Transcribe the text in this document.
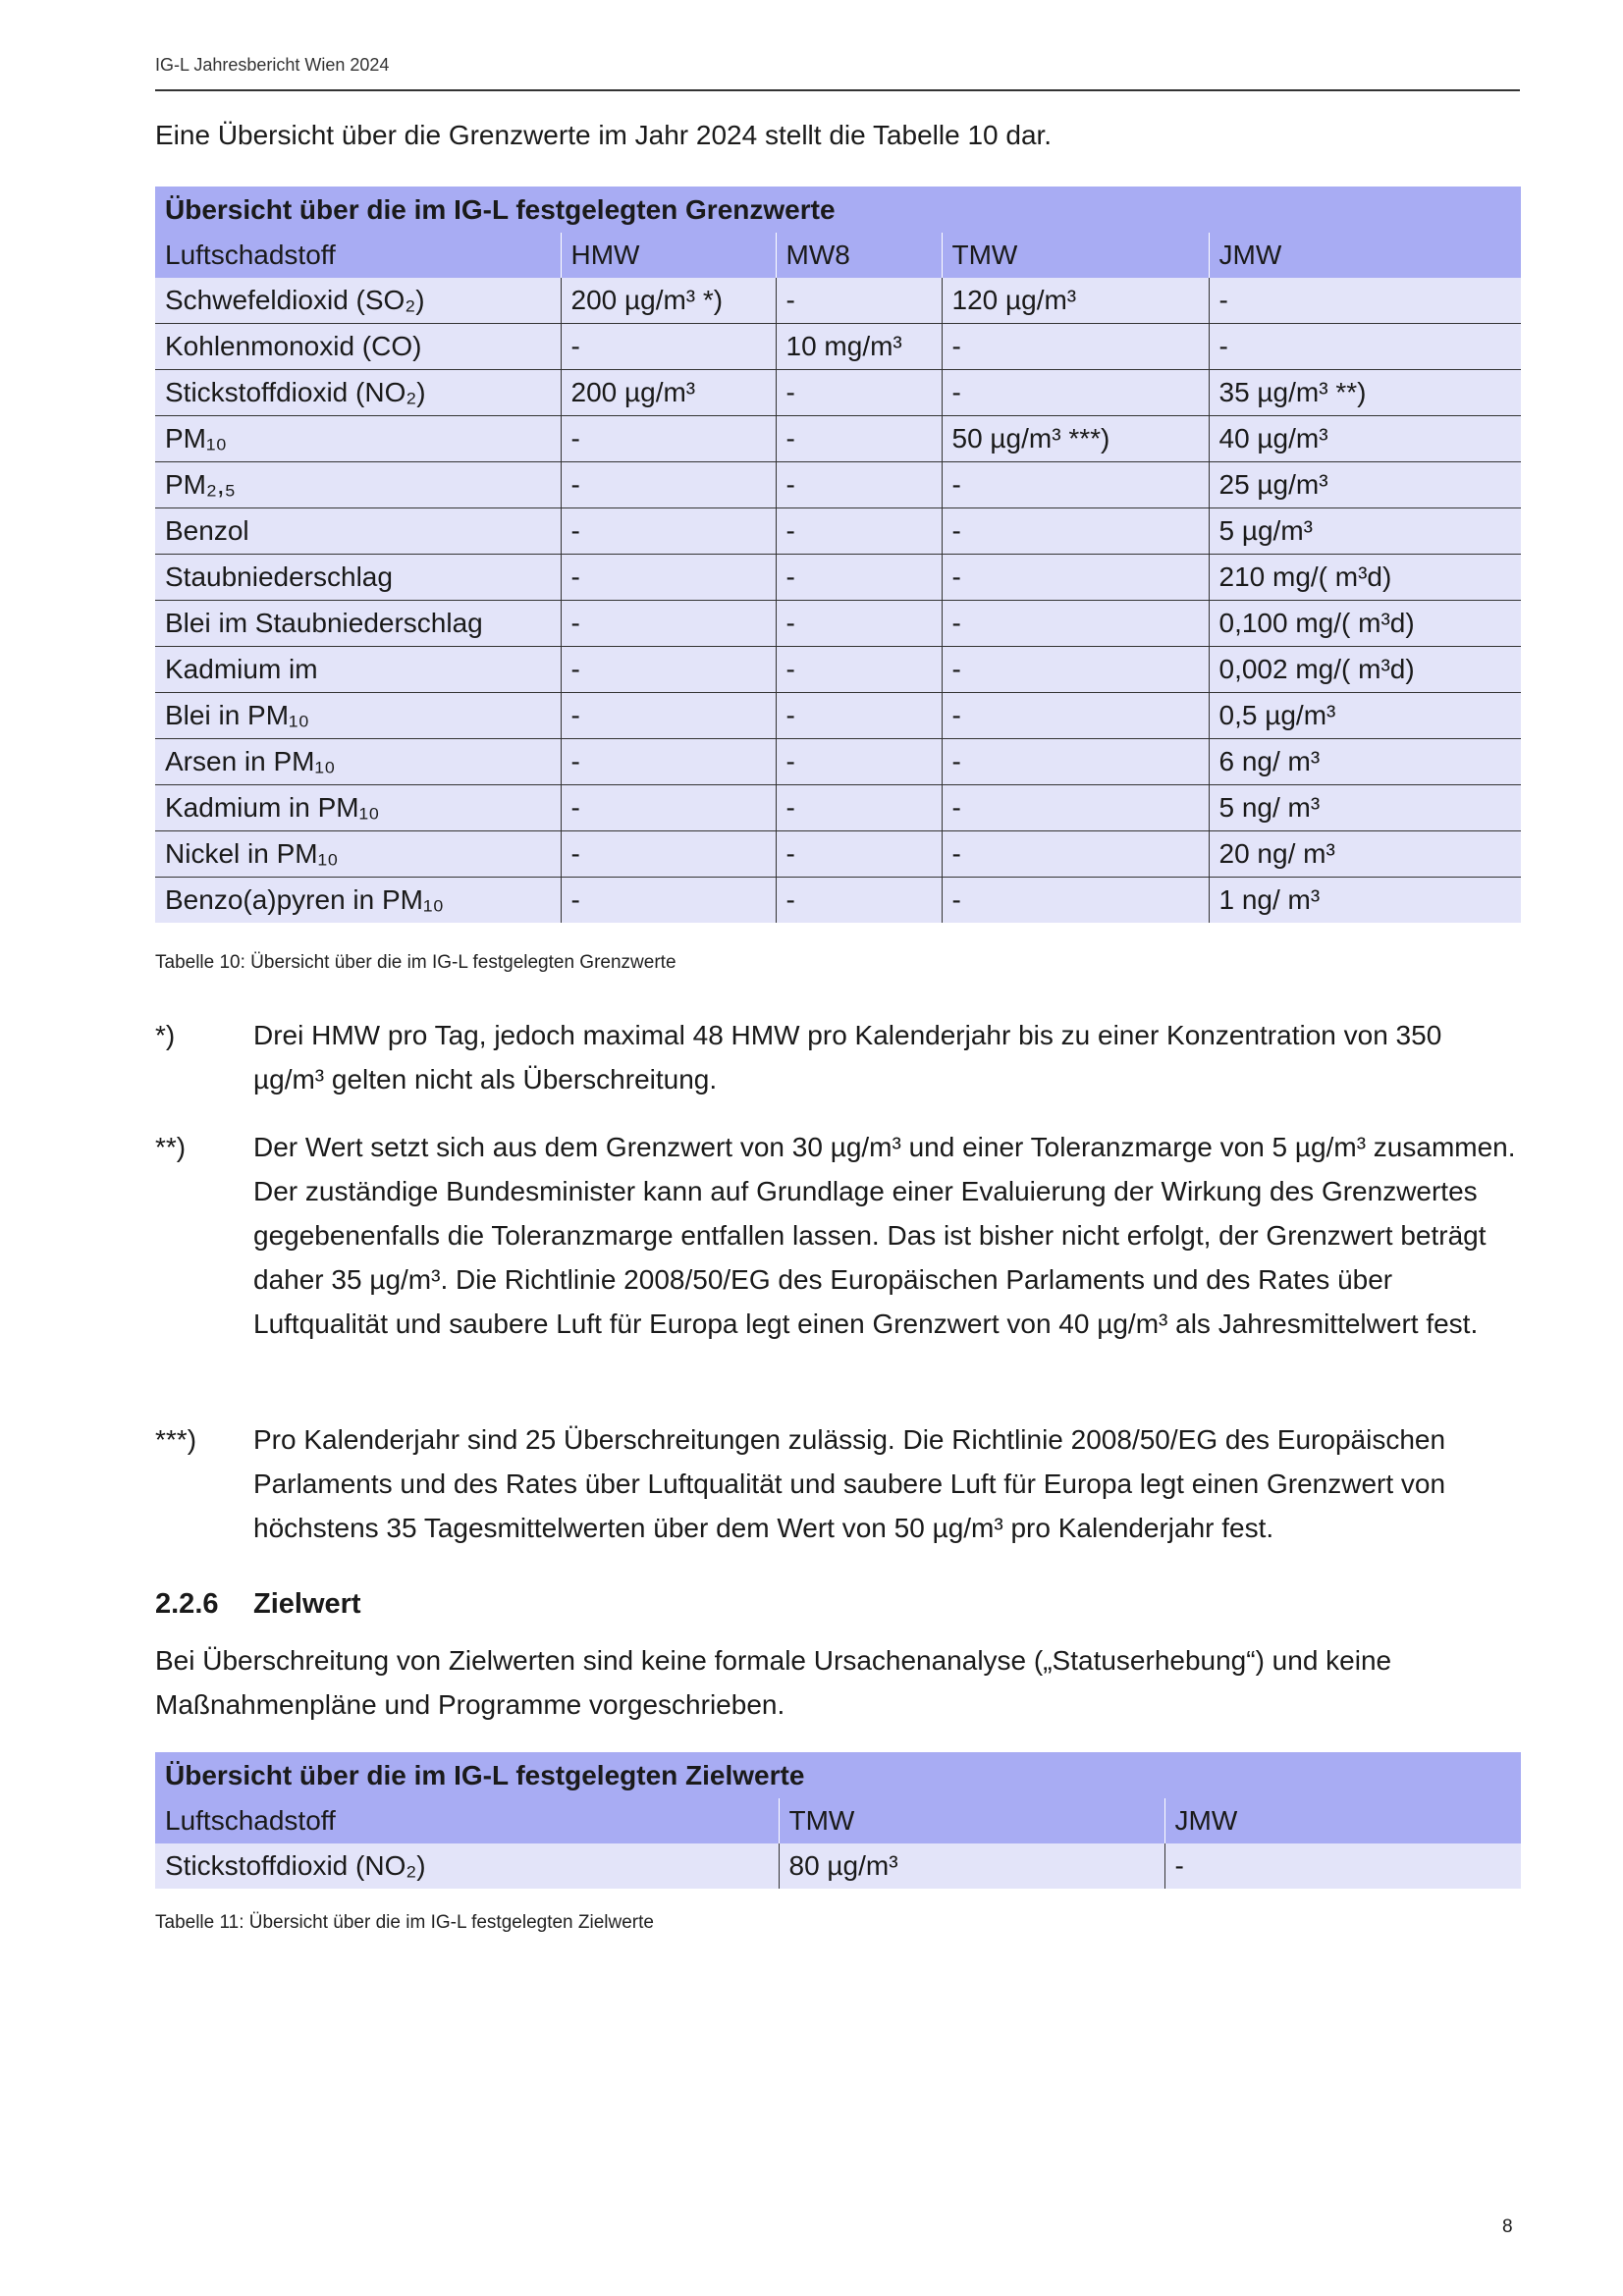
IG-L Jahresbericht Wien 2024
Eine Übersicht über die Grenzwerte im Jahr 2024 stellt die Tabelle 10 dar.
Übersicht über die im IG-L festgelegten Grenzwerte				
Luftschadstoff	HMW	MW8	TMW	JMW
Schwefeldioxid (SO₂)	200 µg/m³ *)	-	120 µg/m³	-
Kohlenmonoxid (CO)	-	10 mg/m³	-	-
Stickstoffdioxid (NO₂)	200 µg/m³	-	-	35 µg/m³ **)
PM₁₀	-	-	50 µg/m³ ***)	40 µg/m³
PM₂,₅	-	-	-	25 µg/m³
Benzol	-	-	-	5 µg/m³
Staubniederschlag	-	-	-	210 mg/( m³d)
Blei im Staubniederschlag	-	-	-	0,100 mg/( m³d)
Kadmium im	-	-	-	0,002 mg/( m³d)
Blei in PM₁₀	-	-	-	0,5 µg/m³
Arsen in PM₁₀	-	-	-	6 ng/ m³
Kadmium in PM₁₀	-	-	-	5 ng/ m³
Nickel in PM₁₀	-	-	-	20 ng/ m³
Benzo(a)pyren in PM₁₀	-	-	-	1 ng/ m³
Tabelle 10: Übersicht über die im IG-L festgelegten Grenzwerte
*)	Drei HMW pro Tag, jedoch maximal 48 HMW pro Kalenderjahr bis zu einer Konzentration von 350 µg/m³ gelten nicht als Überschreitung.
**)	Der Wert setzt sich aus dem Grenzwert von 30 µg/m³ und einer Toleranzmarge von 5 µg/m³ zusammen. Der zuständige Bundesminister kann auf Grundlage einer Evaluierung der Wirkung des Grenzwertes gegebenenfalls die Toleranzmarge entfallen lassen. Das ist bisher nicht erfolgt, der Grenzwert beträgt daher 35 µg/m³. Die Richtlinie 2008/50/EG des Europäischen Parlaments und des Rates über Luftqualität und saubere Luft für Europa legt einen Grenzwert von 40 µg/m³ als Jahresmittelwert fest.
***)	Pro Kalenderjahr sind 25 Überschreitungen zulässig. Die Richtlinie 2008/50/EG des Europäischen Parlaments und des Rates über Luftqualität und saubere Luft für Europa legt einen Grenzwert von höchstens 35 Tagesmittelwerten über dem Wert von 50 µg/m³ pro Kalenderjahr fest.
2.2.6	Zielwert
Bei Überschreitung von Zielwerten sind keine formale Ursachenanalyse („Statuserhebung“) und keine Maßnahmenpläne und Programme vorgeschrieben.
Übersicht über die im IG-L festgelegten Zielwerte		
Luftschadstoff	TMW	JMW
Stickstoffdioxid (NO₂)	80 µg/m³	-
Tabelle 11: Übersicht über die im IG-L festgelegten Zielwerte
8
